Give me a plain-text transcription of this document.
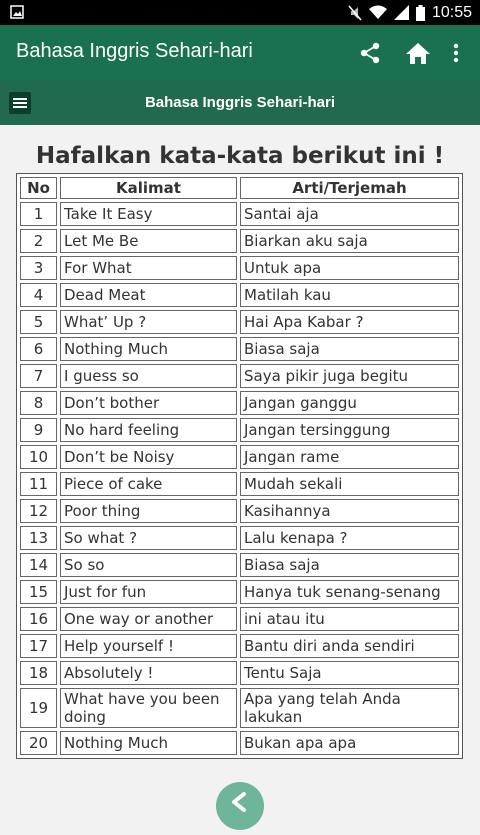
10:55
Bahasa Inggris Sehari-hari
Bahasa Inggris Sehari-hari
Hafalkan kata-kata berikut ini !
No	Kalimat	Arti/Terjemah
1	Take It Easy	Santai aja
2	Let Me Be	Biarkan aku saja
3	For What	Untuk apa
4	Dead Meat	Matilah kau
5	What’ Up ?	Hai Apa Kabar ?
6	Nothing Much	Biasa saja
7	I guess so	Saya pikir juga begitu
8	Don’t bother	Jangan ganggu
9	No hard feeling	Jangan tersinggung
10	Don’t be Noisy	Jangan rame
11	Piece of cake	Mudah sekali
12	Poor thing	Kasihannya
13	So what ?	Lalu kenapa ?
14	So so	Biasa saja
15	Just for fun	Hanya tuk senang-senang
16	One way or another	ini atau itu
17	Help yourself !	Bantu diri anda sendiri
18	Absolutely !	Tentu Saja
19	What have you been doing	Apa yang telah Anda lakukan
20	Nothing Much	Bukan apa apa
